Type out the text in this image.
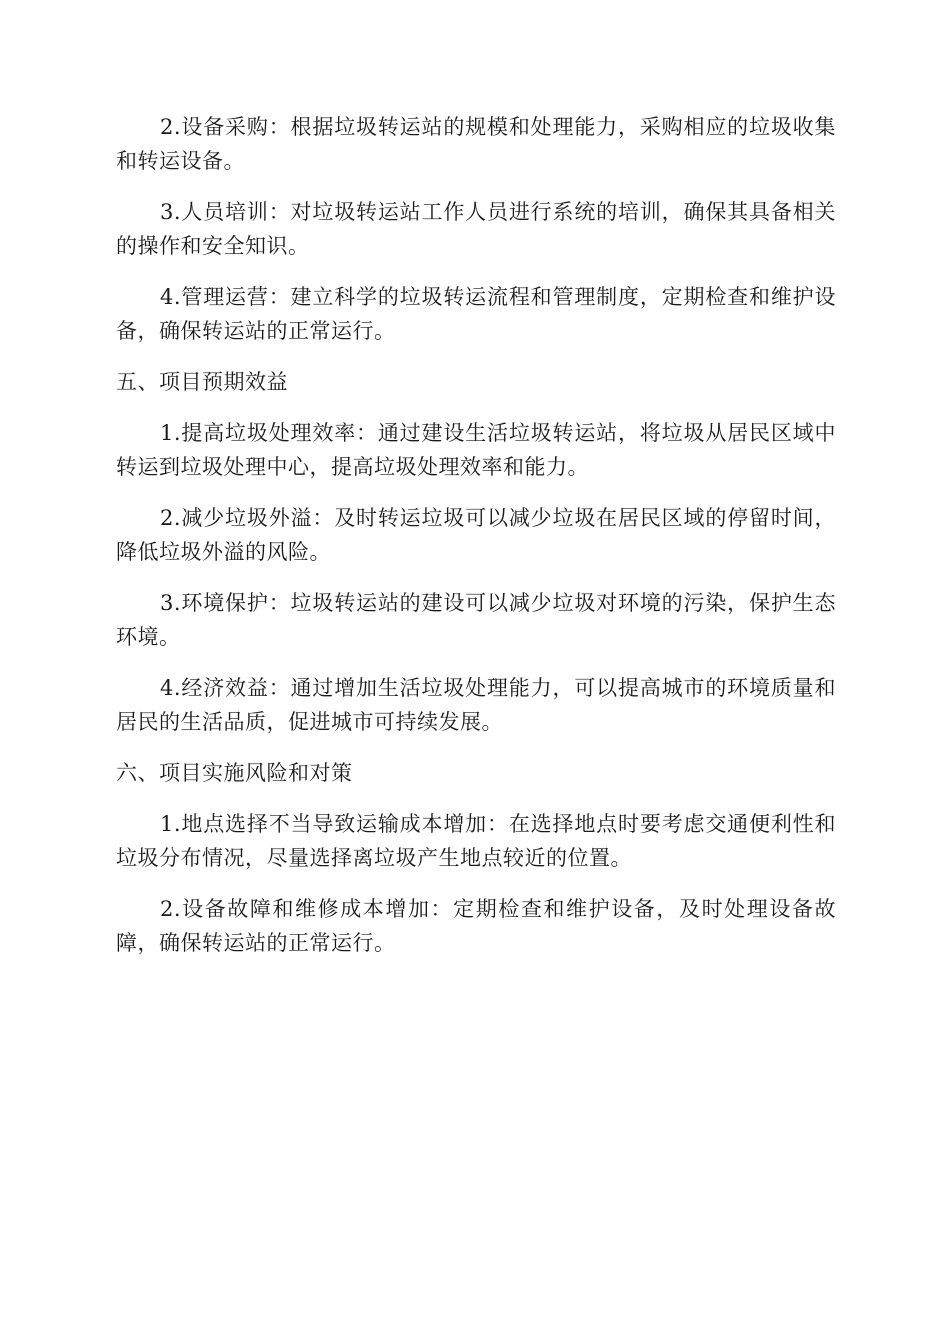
2.设备采购：根据垃圾转运站的规模和处理能力，采购相应的垃圾收集和转运设备。

3.人员培训：对垃圾转运站工作人员进行系统的培训，确保其具备相关的操作和安全知识。

4.管理运营：建立科学的垃圾转运流程和管理制度，定期检查和维护设备，确保转运站的正常运行。

五、项目预期效益

1.提高垃圾处理效率：通过建设生活垃圾转运站，将垃圾从居民区域中转运到垃圾处理中心，提高垃圾处理效率和能力。

2.减少垃圾外溢：及时转运垃圾可以减少垃圾在居民区域的停留时间，降低垃圾外溢的风险。

3.环境保护：垃圾转运站的建设可以减少垃圾对环境的污染，保护生态环境。

4.经济效益：通过增加生活垃圾处理能力，可以提高城市的环境质量和居民的生活品质，促进城市可持续发展。

六、项目实施风险和对策

1.地点选择不当导致运输成本增加：在选择地点时要考虑交通便利性和垃圾分布情况，尽量选择离垃圾产生地点较近的位置。

2.设备故障和维修成本增加：定期检查和维护设备，及时处理设备故障，确保转运站的正常运行。
